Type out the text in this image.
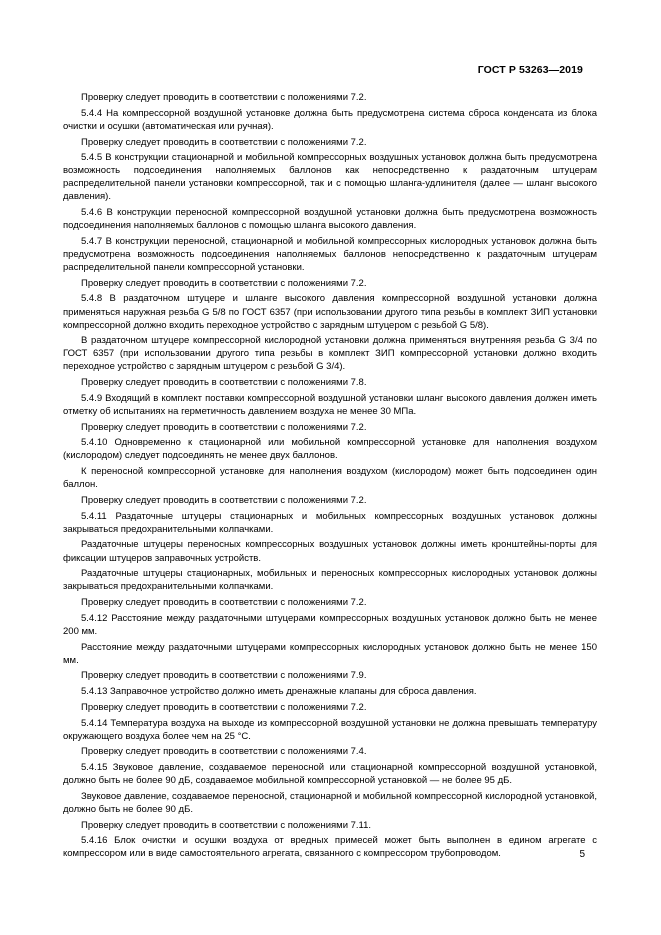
ГОСТ Р 53263—2019

Проверку следует проводить в соответствии с положениями 7.2.

5.4.4 На компрессорной воздушной установке должна быть предусмотрена система сброса конденсата из блока очистки и осушки (автоматическая или ручная).

Проверку следует проводить в соответствии с положениями 7.2.

5.4.5 В конструкции стационарной и мобильной компрессорных воздушных установок должна быть предусмотрена возможность подсоединения наполняемых баллонов как непосредственно к раздаточным штуцерам распределительной панели установки компрессорной, так и с помощью шланга-удлинителя (далее — шланг высокого давления).

5.4.6 В конструкции переносной компрессорной воздушной установки должна быть предусмотрена возможность подсоединения наполняемых баллонов с помощью шланга высокого давления.

5.4.7 В конструкции переносной, стационарной и мобильной компрессорных кислородных установок должна быть предусмотрена возможность подсоединения наполняемых баллонов непосредственно к раздаточным штуцерам распределительной панели компрессорной установки.

Проверку следует проводить в соответствии с положениями 7.2.

5.4.8 В раздаточном штуцере и шланге высокого давления компрессорной воздушной установки должна применяться наружная резьба G 5/8 по ГОСТ 6357 (при использовании другого типа резьбы в комплект ЗИП установки компрессорной должно входить переходное устройство с зарядным штуцером с резьбой G 5/8).

В раздаточном штуцере компрессорной кислородной установки должна применяться внутренняя резьба G 3/4 по ГОСТ 6357 (при использовании другого типа резьбы в комплект ЗИП компрессорной установки должно входить переходное устройство с зарядным штуцером с резьбой G 3/4).

Проверку следует проводить в соответствии с положениями 7.8.

5.4.9 Входящий в комплект поставки компрессорной воздушной установки шланг высокого давления должен иметь отметку об испытаниях на герметичность давлением воздуха не менее 30 МПа.

Проверку следует проводить в соответствии с положениями 7.2.

5.4.10 Одновременно к стационарной или мобильной компрессорной установке для наполнения воздухом (кислородом) следует подсоединять не менее двух баллонов.

К переносной компрессорной установке для наполнения воздухом (кислородом) может быть подсоединен один баллон.

Проверку следует проводить в соответствии с положениями 7.2.

5.4.11 Раздаточные штуцеры стационарных и мобильных компрессорных воздушных установок должны закрываться предохранительными колпачками.

Раздаточные штуцеры переносных компрессорных воздушных установок должны иметь кронштейны-порты для фиксации штуцеров заправочных устройств.

Раздаточные штуцеры стационарных, мобильных и переносных компрессорных кислородных установок должны закрываться предохранительными колпачками.

Проверку следует проводить в соответствии с положениями 7.2.

5.4.12 Расстояние между раздаточными штуцерами компрессорных воздушных установок должно быть не менее 200 мм.

Расстояние между раздаточными штуцерами компрессорных кислородных установок должно быть не менее 150 мм.

Проверку следует проводить в соответствии с положениями 7.9.

5.4.13 Заправочное устройство должно иметь дренажные клапаны для сброса давления.

Проверку следует проводить в соответствии с положениями 7.2.

5.4.14 Температура воздуха на выходе из компрессорной воздушной установки не должна превышать температуру окружающего воздуха более чем на 25 °С.

Проверку следует проводить в соответствии с положениями 7.4.

5.4.15 Звуковое давление, создаваемое переносной или стационарной компрессорной воздушной установкой, должно быть не более 90 дБ, создаваемое мобильной компрессорной установкой — не более 95 дБ.

Звуковое давление, создаваемое переносной, стационарной и мобильной компрессорной кислородной установкой, должно быть не более 90 дБ.

Проверку следует проводить в соответствии с положениями 7.11.

5.4.16 Блок очистки и осушки воздуха от вредных примесей может быть выполнен в едином агрегате с компрессором или в виде самостоятельного агрегата, связанного с компрессором трубопроводом.	5
